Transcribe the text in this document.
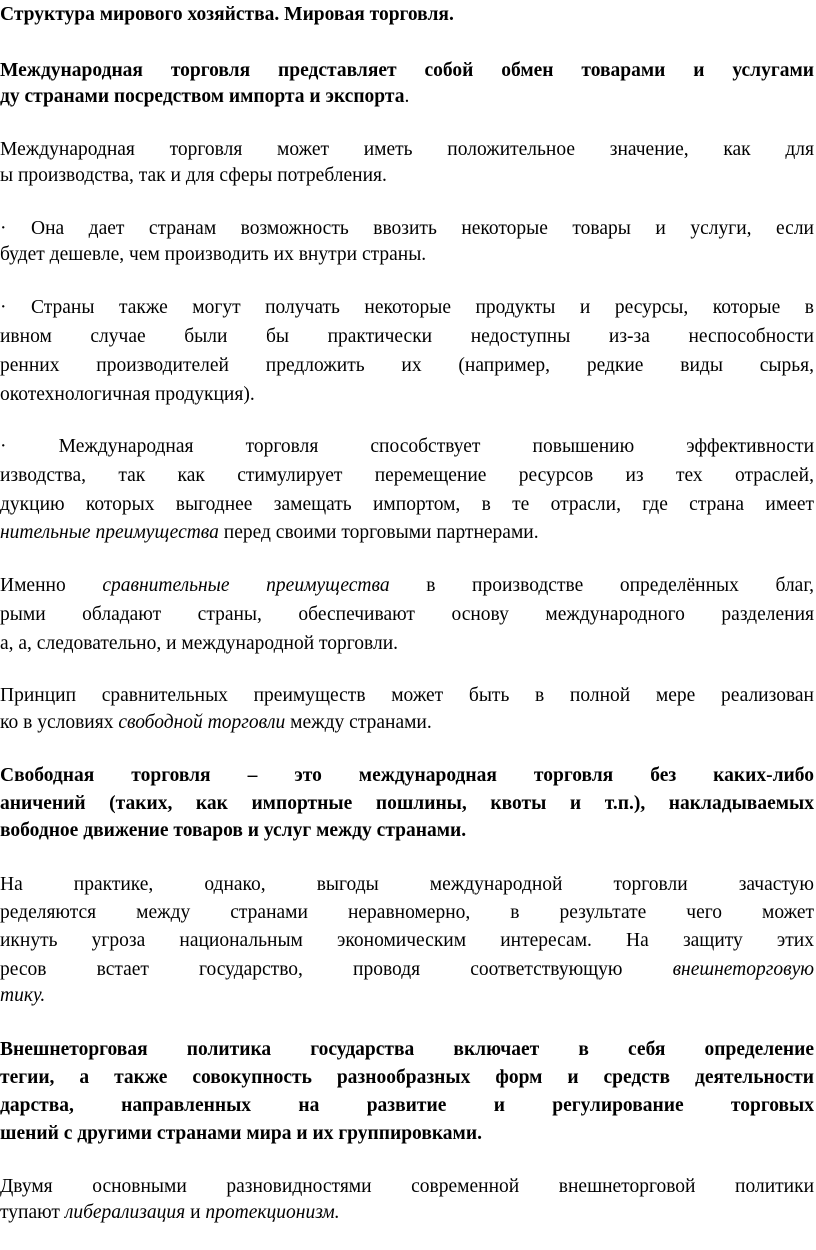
Структура мирового хозяйства. Мировая торговля.
Международная торговля представляет собой обмен товарами и услугами
ду странами посредством импорта и экспорта.
Международная торговля может иметь положительное значение, как для
ы производства, так и для сферы потребления.
· Она дает странам возможность ввозить некоторые товары и услуги, если
будет дешевле, чем производить их внутри страны.
· Страны также могут получать некоторые продукты и ресурсы, которые в
ивном случае были бы практически недоступны из-за неспособности
ренних производителей предложить их (например, редкие виды сырья,
окотехнологичная продукция).
· Международная торговля способствует повышению эффективности
изводства, так как стимулирует перемещение ресурсов из тех отраслей,
дукцию которых выгоднее замещать импортом, в те отрасли, где страна имеет
нительные преимущества перед своими торговыми партнерами.
Именно сравнительные преимущества в производстве определённых благ,
рыми обладают страны, обеспечивают основу международного разделения
а, а, следовательно, и международной торговли.
Принцип сравнительных преимуществ может быть в полной мере реализован
ко в условиях свободной торговли между странами.
Свободная торговля – это международная торговля без каких-либо
аничений (таких, как импортные пошлины, квоты и т.п.), накладываемых
вободное движение товаров и услуг между странами.
На практике, однако, выгоды международной торговли зачастую
ределяются между странами неравномерно, в результате чего может
икнуть угроза национальным экономическим интересам. На защиту этих
ресов встает государство, проводя соответствующую внешнеторговую
тику.
Внешнеторговая политика государства включает в себя определение
тегии, а также совокупность разнообразных форм и средств деятельности
дарства, направленных на развитие и регулирование торговых
шений с другими странами мира и их группировками.
Двумя основными разновидностями современной внешнеторговой политики
тупают либерализация и протекционизм.
